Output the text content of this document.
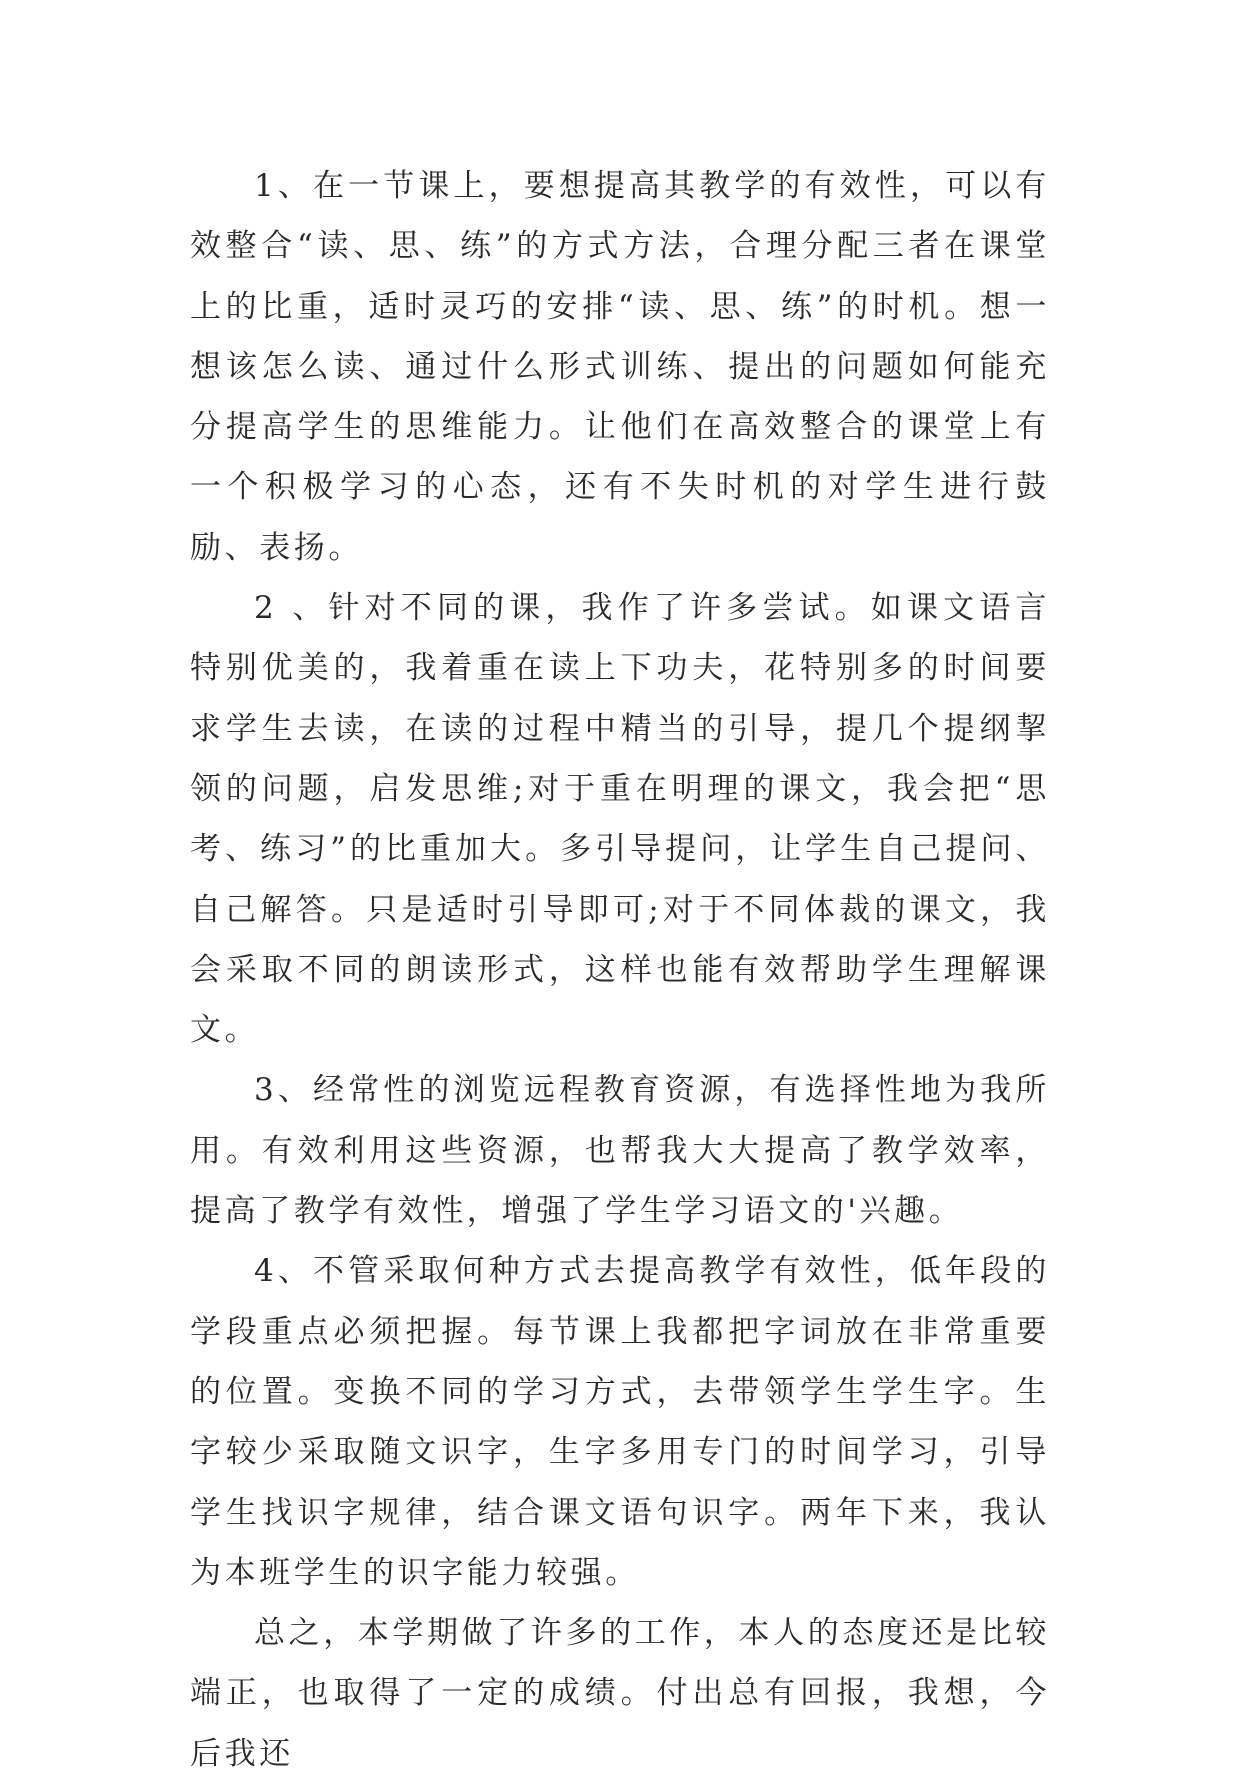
1、在一节课上，要想提高其教学的有效性，可以有效整合“读、思、练”的方式方法，合理分配三者在课堂上的比重，适时灵巧的安排“读、思、练”的时机。想一想该怎么读、通过什么形式训练、提出的问题如何能充分提高学生的思维能力。让他们在高效整合的课堂上有一个积极学习的心态，还有不失时机的对学生进行鼓励、表扬。

2 、针对不同的课，我作了许多尝试。如课文语言特别优美的，我着重在读上下功夫，花特别多的时间要求学生去读，在读的过程中精当的引导，提几个提纲挈领的问题，启发思维;对于重在明理的课文，我会把“思考、练习”的比重加大。多引导提问，让学生自己提问、自己解答。只是适时引导即可;对于不同体裁的课文，我会采取不同的朗读形式，这样也能有效帮助学生理解课文。

3、经常性的浏览远程教育资源，有选择性地为我所用。有效利用这些资源，也帮我大大提高了教学效率，提高了教学有效性，增强了学生学习语文的'兴趣。

4、不管采取何种方式去提高教学有效性，低年段的学段重点必须把握。每节课上我都把字词放在非常重要的位置。变换不同的学习方式，去带领学生学生字。生字较少采取随文识字，生字多用专门的时间学习，引导学生找识字规律，结合课文语句识字。两年下来，我认为本班学生的识字能力较强。

总之，本学期做了许多的工作，本人的态度还是比较端正，也取得了一定的成绩。付出总有回报，我想，今后我还
